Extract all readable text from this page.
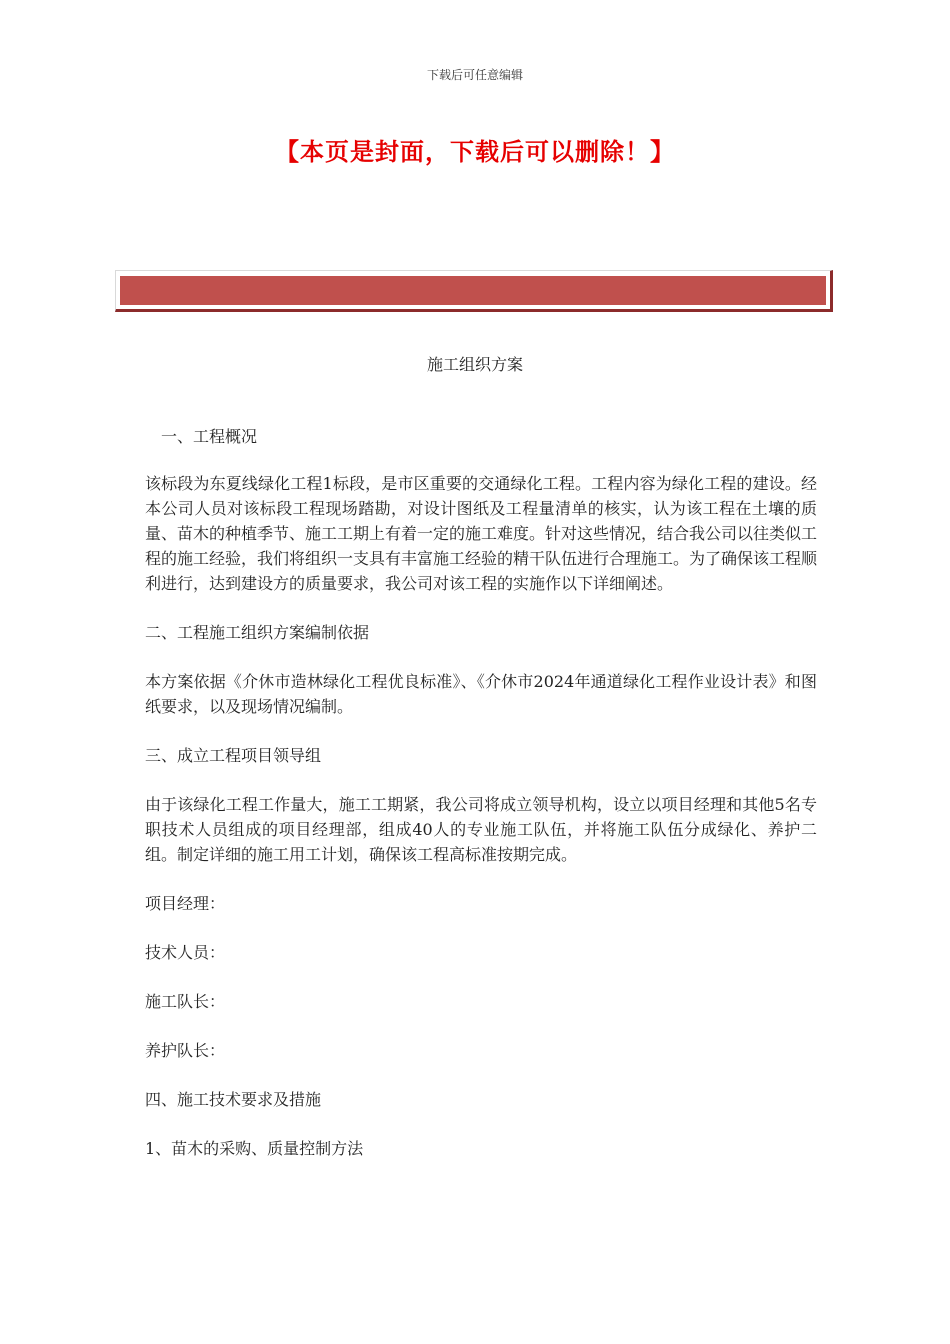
下载后可任意编辑
【本页是封面，下载后可以删除！】
施工组织方案

一、工程概况

该标段为东夏线绿化工程1标段，是市区重要的交通绿化工程。工程内容为绿化工程的建设。经本公司人员对该标段工程现场踏勘，对设计图纸及工程量清单的核实，认为该工程在土壤的质量、苗木的种植季节、施工工期上有着一定的施工难度。针对这些情况，结合我公司以往类似工程的施工经验，我们将组织一支具有丰富施工经验的精干队伍进行合理施工。为了确保该工程顺利进行，达到建设方的质量要求，我公司对该工程的实施作以下详细阐述。

二、工程施工组织方案编制依据

本方案依据《介休市造林绿化工程优良标准》、《介休市2024年通道绿化工程作业设计表》和图纸要求，以及现场情况编制。

三、成立工程项目领导组

由于该绿化工程工作量大，施工工期紧，我公司将成立领导机构，设立以项目经理和其他5名专职技术人员组成的项目经理部，组成40人的专业施工队伍，并将施工队伍分成绿化、养护二组。制定详细的施工用工计划，确保该工程高标准按期完成。

项目经理：

技术人员：

施工队长：

养护队长：

四、施工技术要求及措施

1、苗木的采购、质量控制方法
